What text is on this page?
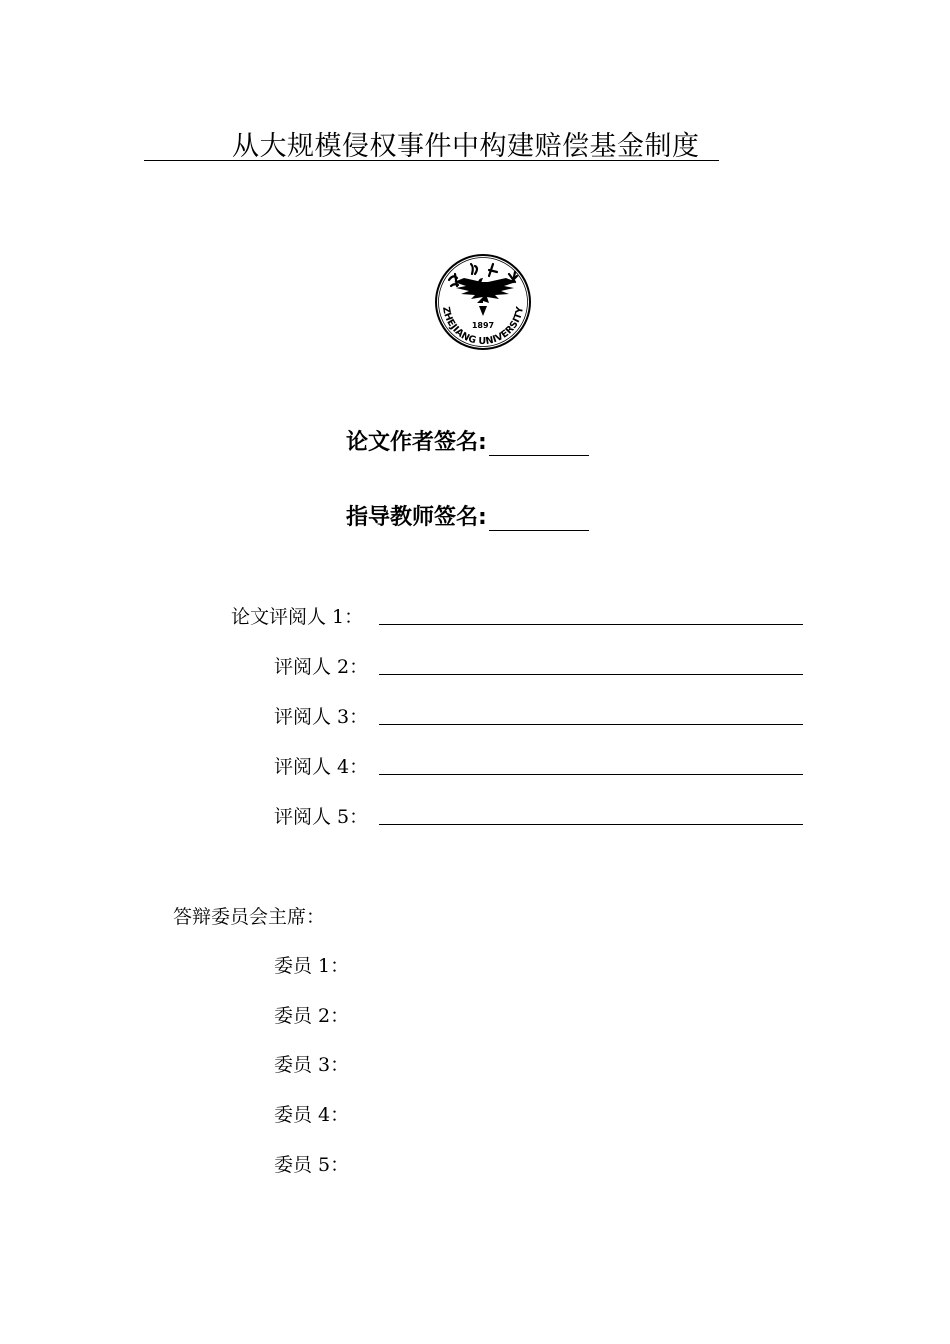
从大规模侵权事件中构建赔偿基金制度
1897
ZHEJIANG UNIVERSITY
论文作者签名:
指导教师签名:
论文评阅人 1：
评阅人 2：
评阅人 3：
评阅人 4：
评阅人 5：
答辩委员会主席：
委员 1：
委员 2：
委员 3：
委员 4：
委员 5：
